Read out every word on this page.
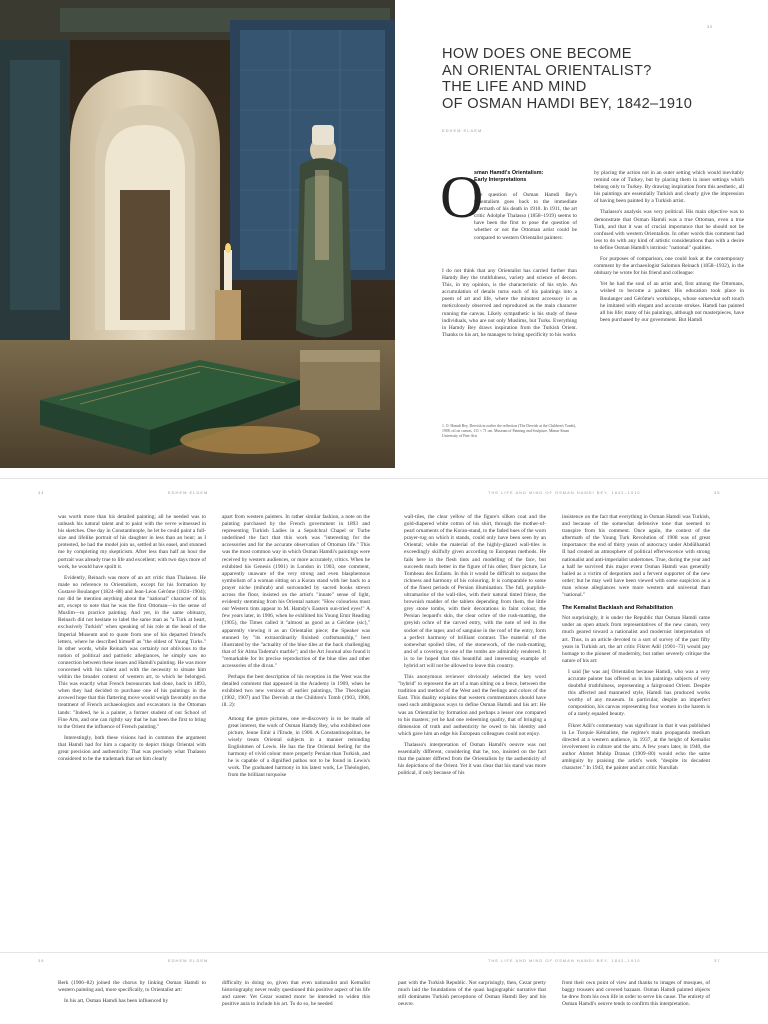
33
HOW DOES ONE BECOME
AN ORIENTAL ORIENTALIST?
THE LIFE AND MIND
OF OSMAN HAMDI BEY, 1842–1910
EDHEM ELDEM
O
sman Hamdi's Orientalism:
Early Interpretations

The question of Osman Hamdi Bey's Orientalism goes back to the immediate aftermath of his death in 1910. In 1911, the art critic Adolphe Thalasso (1858–1919) seems to have been the first to pose the question of whether or not the Ottoman artist could be compared to western Orientalist painters:

I do not think that any Orientalist has carried further than Hamdy Bey the truthfulness, variety and science of decors. This, in my opinion, is the characteristic of his style. An accumulation of details turns each of his paintings into a poem of art and life, where the minutest accessory is as meticulously observed and reproduced as the main character running the canvas. Likely sympathetic is his study of these individuals, who are not only Muslims, but Turks. Everything in Hamdy Bey draws inspiration from the Turkish Orient. Thanks to his art, he manages to bring specificity to his works

1. O. Hamdi Bey, Dervish in earlier the reflection (The Dervish at the Children's Tomb), 1908, oil on canvas, 111 × 71 cm. Museum of Painting and Sculpture, Mimar Sinan University of Fine Arts

by placing the action not in an outer setting which would inevitably remind one of Turkey, but by placing them in inner settings which belong only to Turkey. By drawing inspiration from this aesthetic, all his paintings are essentially Turkish and clearly give the impression of having been painted by a Turkish artist.

Thalasso's analysis was very political. His main objective was to demonstrate that Osman Hamdi was a true Ottoman, even a true Turk, and that it was of crucial importance that he should not be confused with western Orientalists. In other words this comment had less to do with any kind of artistic considerations than with a desire to define Osman Hamdi's intrinsic "national" qualities.

For purposes of comparison, one could look at the contemporary comment by the archaeologist Salomon Reinach (1858–1932), in the obituary he wrote for his friend and colleague:

Yet he had the soul of an artist and, first among the Ottomans, wished to become a painter. His education took place in Boulanger and Gérôme's workshops, whose somewhat soft touch he imitated with elegant and accurate strokes. Hamdi has painted all his life; many of his paintings, although not masterpieces, have been purchased by our government. But Hamdi

34	EDHEM ELDEM	THE LIFE AND MIND OF OSMAN HAMDI BEY, 1842–1910	35

was worth more than his detailed painting; all he needed was to unleash his natural talent and to paint with the verve witnessed in his sketches. One day in Constantinople, he let be could paint a full-size and lifelike portrait of his daughter in less than an hour; as I protested, he had the model join us, settled at his easel, and stunned me by completing my skepticism. After less than half an hour the portrait was already true to life and excellent; with two days more of work, he would have spoilt it.

Evidently, Reinach was more of an art critic than Thalasso. He made no reference to Orientalism, except for his formation by Gustave Boulanger (1824–88) and Jean-Léon Gérôme (1824–1904); nor did he mention anything about the "national" character of his art, except to note that he was the first Ottoman—in the sense of Muslim—to practice painting. And yet, in the same obituary, Reinach did not hesitate to label the same man as "a Turk at heart, exclusively Turkish" when speaking of his role at the head of the Imperial Museum and to quote from one of his departed friend's letters, where he described himself as "the oldest of Young Turks." In other words, while Reinach was certainly not oblivious to the notion of political and patriotic allegiances, he simply saw no connection between these issues and Hamdi's painting. He was more concerned with his talent and with the necessity to situate him within the broader context of western art, to which he belonged. This was exactly what French bureaucrats had done, back in 1893, when they had decided to purchase one of his paintings in the avowed hope that this flattering move would weigh favorably on the treatment of French archaeologists and excavators in the Ottoman lands: "Indeed, he is a painter, a former student of our School of Fine Arts, and one can rightly say that he has been the first to bring to the Orient the influence of French painting."

Interestingly, both these visions had in common the argument that Hamdi had for him a capacity to depict things Oriental with great precision and authenticity. That was precisely what Thalasso considered to be the trademark that set him clearly

apart from western painters. In rather similar fashion, a note on the painting purchased by the French government in 1893 and representing Turkish Ladies in a Sepulchral Chapel or Turbe underlined the fact that this work was "interesting for the accessories and for the accurate observation of Ottoman life." This was the most common way in which Osman Hamdi's paintings were received by western audiences, or more accurately, critics. When he exhibited his Genesis (1901) in London in 1903, one comment, apparently unaware of the very strong and even blasphemous symbolism of a woman sitting on a Koran stand with her back to a prayer niche (mihrab) and surrounded by sacred books strewn across the floor, insisted on the artist's "innate" sense of light, evidently stemming from his Oriental nature: "How colourless must our Western tints appear to M. Hamdy's Eastern sun-tried eyes!" A few years later, in 1906, when he exhibited his Young Emir Reading (1905), the Times called it "almost as good as a Gérôme (sic)," apparently viewing it as an Orientalist piece; the Speaker was stunned by "its extraordinarily finished craftsmanship," best illustrated by the "actuality of the blue tiles at the back challenging that of Sir Alma Tadema's marble"; and the Art Journal also found it "remarkable for its precise reproduction of the blue tiles and other accessories of the divan."

Perhaps the best description of his reception in the West was the detailed comment that appeared in the Academy in 1909, when he exhibited two new versions of earlier paintings, The Theologian (1902, 1907) and The Dervish at the Children's Tomb (1903, 1908, ill. 2):

Among the genre pictures, one re-discovery is to be made of great interest, the work of Osman Hamdy Bey, who exhibited one picture, Jeune Emir à l'Etude, in 1906. A Constantinopolitan, he wisely treats Oriental subjects in a manner reminding Englishmen of Lewis. He has the fine Oriental feeling for the harmony of vivid colour more properly Persian than Turkish, and he is capable of a dignified pathos not to be found in Lewis's work. The graduated harmony in his latest work, Le Théologien, from the brilliant turquoise

wall-tiles, the clear yellow of the figure's silken coat and the gold-diapered white cotton of his shirt, through the mother-of-pearl ornaments of the Koran-stand, to the faded hues of the worn prayer-rug on which it stands, could only have been seen by an Oriental; while the material of the highly-glazed wall-tiles is exceedingly skilfully given according to European methods. He fails here in the flesh tints and modelling of the face, but succeeds much better in the figure of his other, finer picture, Le Tombeau des Enfants. In this it would be difficult to surpass the richness and harmony of his colouring. It is comparable to some of the finest periods of Persian illumination. The full, purplish-ultramarine of the wall-tiles, with their natural tinted frieze, the brownish madder of the tablets depending from them, the little grey stone tombs, with their decorations in faint colour, the Persian leopard's skin, the clear ochre of the rush-matting, the greyish ochre of the carved entry, with the note of red in the socket of the taper, and of sanguine in the roof of the entry, form a perfect harmony of brilliant contrast. The material of the somewhat spoiled tiles, of the stonework, of the rush-matting, and of a covering to one of the tombs are admirably rendered. It is to be hoped that this beautiful and interesting example of hybrid art will not be allowed to leave this country.

This anonymous reviewer obviously selected the key word "hybrid" to represent the art of a man sitting on a fence, between the tradition and method of the West and the feelings and colors of the East. This duality explains that western commentators should have used such ambiguous ways to define Osman Hamdi and his art: He was an Orientalist by formation and perhaps a lesser one compared to his masters; yet he had one redeeming quality, that of bringing a dimension of truth and authenticity he owed to his identity and which gave him an edge his European colleagues could not enjoy.

Thalasso's interpretation of Osman Hamdi's oeuvre was not essentially different, considering that he, too, insisted on the fact that the painter differed from the Orientalists by the authenticity of his depictions of the Orient. Yet it was clear that his stand was more political, if only because of his

insistence on the fact that everything in Osman Hamdi was Turkish, and because of the somewhat defensive tone that seemed to transpire from his comment. Once again, the context of the aftermath of the Young Turk Revolution of 1908 was of great importance: the end of thirty years of autocracy under Abdülhamid II had created an atmosphere of political effervescence with strong nationalist and anti-imperialist undertones. True, during the year and a half he survived this major event Osman Hamdi was generally hailed as a victim of despotism and a fervent supporter of the new order; but he may well have been viewed with some suspicion as a man whose allegiances were more western and universal than "national."

The Kemalist Backlash and Rehabilitation

Not surprisingly, it is under the Republic that Osman Hamdi came under an open attack from representatives of the new canon, very much geared toward a nationalist and modernist interpretation of art. Thus, in an article devoted to a sort of survey of the past fifty years in Turkish art, the art critic Fikret Adil (1901–73) would pay homage to the pioneer of modernity, but rather severely critique the nature of his art:

I said [he was an] Orientalist because Hamdi, who was a very accurate painter has offered us in his paintings subjects of very doubtful truthfulness, representing a fairground Orient. Despite this affected and mannered style, Hamdi has produced works worthy of any museum. In particular, despite an imperfect composition, his canvas representing four women in the harem is of a rarely equaled beauty.

Fikret Adil's commentary was significant in that it was published in Le Turquie Kémaliste, the regime's main propaganda medium directed at a western audience, in 1937, at the height of Kemalist involvement in culture and the arts. A few years later, in 1940, the author Ahmet Muhip Dranas (1909–80) would echo the same ambiguity by praising the artist's work "despite its decadent character." In 1943, the painter and art critic Nurullah

36	EDHEM ELDEM	THE LIFE AND MIND OF OSMAN HAMDI BEY, 1842–1910	37

Berk (1906–82) joined the chorus by linking Osman Hamdi to western painting and, more specifically, to Orientalist art:

In his art, Osman Hamdi has been influenced by

difficulty in doing so, given that even nationalist and Kemalist historiography never really questioned this positive aspect of his life and career. Yet Cezar wanted more: he intended to widen this positive aura to include his art. To do so, he needed

past with the Turkish Republic. Not surprisingly, then, Cezar pretty much laid the foundations of the quasi hagiographic narrative that still dominates Turkish perceptions of Osman Hamdi Bey and his oeuvre.

from their own point of view and thanks to images of mosques, of baggy trousers and covered bazaars. Osman Hamdi painted objects he drew from his own life in order to serve his cause. The entirety of Osman Hamdi's oeuvre tends to confirm this interpretation.
